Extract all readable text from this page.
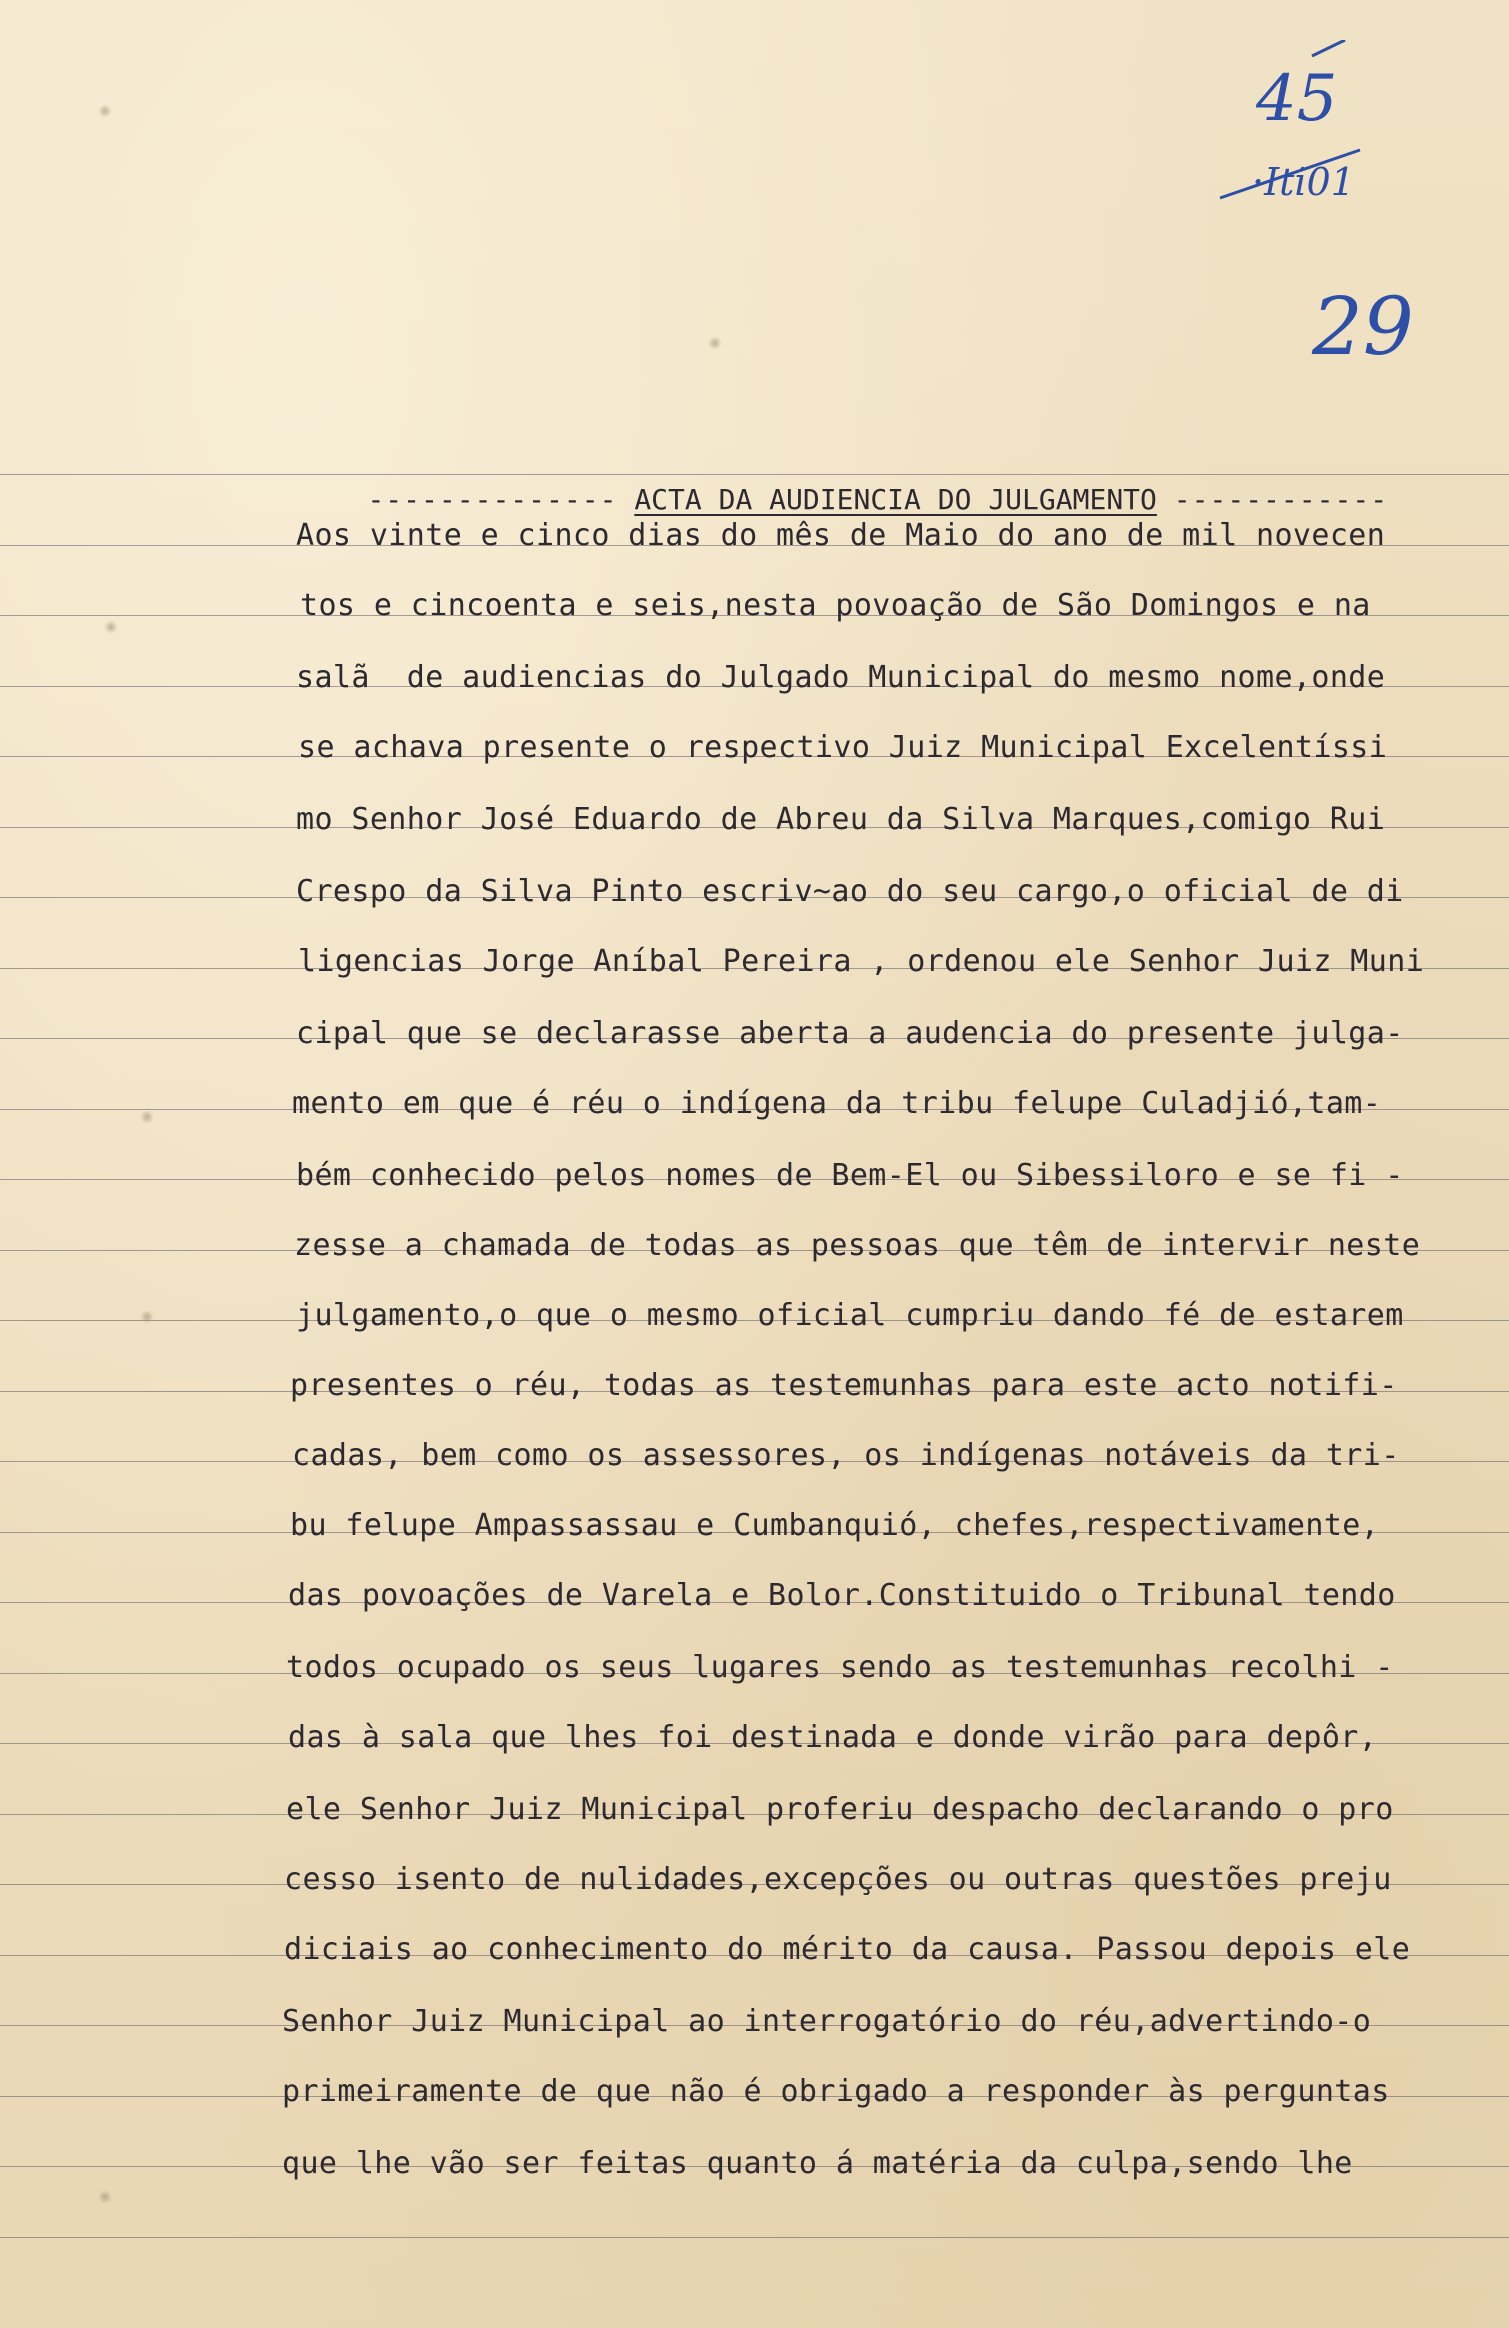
45
·Iti01
29

-------------- ACTA DA AUDIENCIA DO JULGAMENTO ------------

Aos vinte e cinco dias do mês de Maio do ano de mil novecen
tos e cincoenta e seis,nesta povoação de São Domingos e na
salã  de audiencias do Julgado Municipal do mesmo nome,onde
se achava presente o respectivo Juiz Municipal Excelentíssi
mo Senhor José Eduardo de Abreu da Silva Marques,comigo Rui
Crespo da Silva Pinto escriv~ao do seu cargo,o oficial de di
ligencias Jorge Aníbal Pereira , ordenou ele Senhor Juiz Muni
cipal que se declarasse aberta a audencia do presente julga-
mento em que é réu o indígena da tribu felupe Culadjió,tam-
bém conhecido pelos nomes de Bem-El ou Sibessiloro e se fi -
zesse a chamada de todas as pessoas que têm de intervir neste
julgamento,o que o mesmo oficial cumpriu dando fé de estarem
presentes o réu, todas as testemunhas para este acto notifi-
cadas, bem como os assessores, os indígenas notáveis da tri-
bu felupe Ampassassau e Cumbanquió, chefes,respectivamente,
das povoações de Varela e Bolor.Constituido o Tribunal tendo
todos ocupado os seus lugares sendo as testemunhas recolhi -
das à sala que lhes foi destinada e donde virão para depôr,
ele Senhor Juiz Municipal proferiu despacho declarando o pro
cesso isento de nulidades,excepções ou outras questões preju
diciais ao conhecimento do mérito da causa. Passou depois ele
Senhor Juiz Municipal ao interrogatório do réu,advertindo-o
primeiramente de que não é obrigado a responder às perguntas
que lhe vão ser feitas quanto á matéria da culpa,sendo lhe
